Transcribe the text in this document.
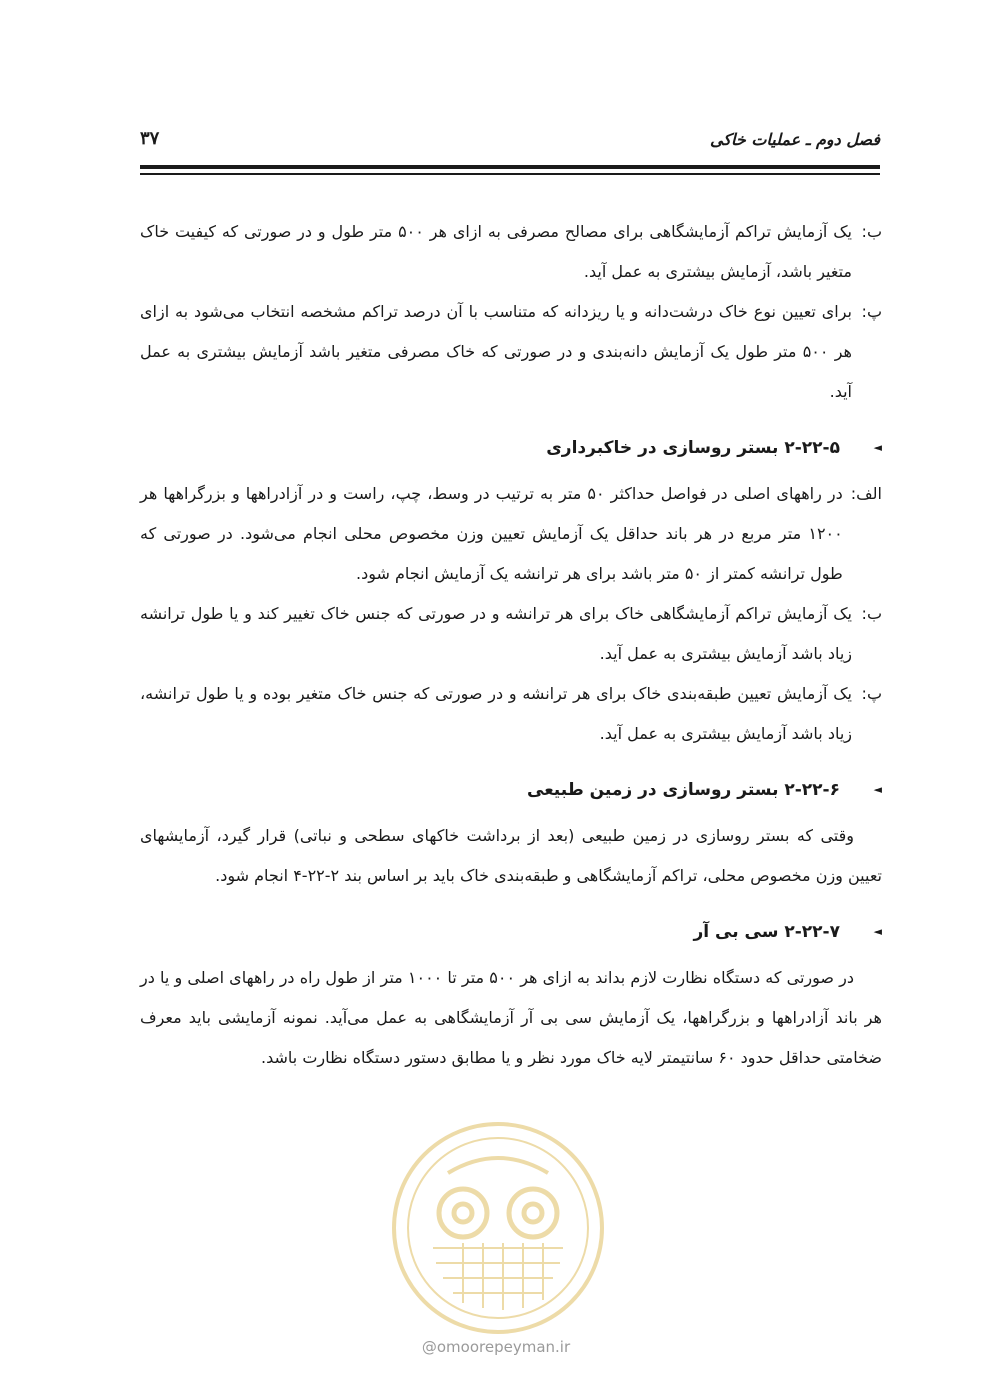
فصل دوم ـ عملیات خاکی
۳۷
ب:
یک آزمایش تراکم آزمایشگاهی برای مصالح مصرفی به ازای هر ۵۰۰ متر طول و در صورتی که کیفیت خاک متغیر باشد، آزمایش بیشتری به عمل آید.
پ:
برای تعیین نوع خاک درشت‌دانه و یا ریزدانه که متناسب با آن درصد تراکم مشخصه انتخاب می‌شود به ازای هر ۵۰۰ متر طول یک آزمایش دانه‌بندی و در صورتی که خاک مصرفی متغیر باشد آزمایش بیشتری به عمل آید.
◄
۲-۲۲-۵ بستر روسازی در خاکبرداری
الف:
در راههای اصلی در فواصل حداکثر ۵۰ متر به ترتیب در وسط، چپ، راست و در آزادراهها و بزرگراهها هر ۱۲۰۰ متر مربع در هر باند حداقل یک آزمایش تعیین وزن مخصوص محلی انجام می‌شود. در صورتی که طول ترانشه کمتر از ۵۰ متر باشد برای هر ترانشه یک آزمایش انجام شود.
ب:
یک آزمایش تراکم آزمایشگاهی خاک برای هر ترانشه و در صورتی که جنس خاک تغییر کند و یا طول ترانشه زیاد باشد آزمایش بیشتری به عمل آید.
پ:
یک آزمایش تعیین طبقه‌بندی خاک برای هر ترانشه و در صورتی که جنس خاک متغیر بوده و یا طول ترانشه، زیاد باشد آزمایش بیشتری به عمل آید.
◄
۲-۲۲-۶ بستر روسازی در زمین طبیعی

وقتی که بستر روسازی در زمین طبیعی (بعد از برداشت خاکهای سطحی و نباتی) قرار گیرد، آزمایشهای تعیین وزن مخصوص محلی، تراکم آزمایشگاهی و طبقه‌بندی خاک باید بر اساس بند ۲-۲۲-۴ انجام شود.

◄
۲-۲۲-۷ سی بی آر

در صورتی که دستگاه نظارت لازم بداند به ازای هر ۵۰۰ متر تا ۱۰۰۰ متر از طول راه در راههای اصلی و یا در هر باند آزادراهها و بزرگراهها، یک آزمایش سی بی آر آزمایشگاهی به عمل می‌آید. نمونه آزمایشی باید معرف ضخامتی حداقل حدود ۶۰ سانتیمتر لایه خاک مورد نظر و یا مطابق دستور دستگاه نظارت باشد.

@omoorepeyman.ir
